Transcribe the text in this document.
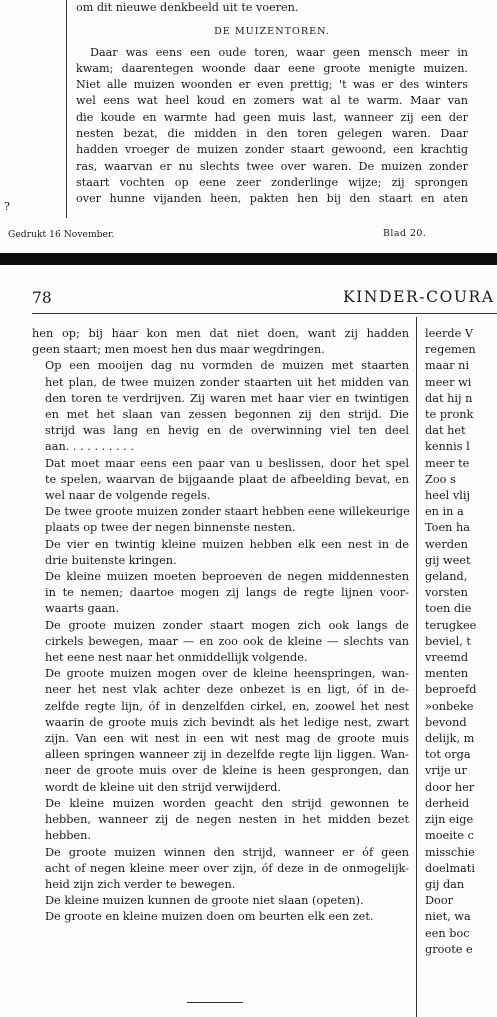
?

om dit nieuwe denkbeeld uit te voeren.

DE MUIZENTOREN.

Daar was eens een oude toren, waar geen mensch meer in

kwam; daarentegen woonde daar eene groote menigte muizen.

Niet alle muizen woonden er even prettig; 't was er des winters

wel eens wat heel koud en zomers wat al te warm. Maar van

die koude en warmte had geen muis last, wanneer zij een der

nesten bezat, die midden in den toren gelegen waren. Daar

hadden vroeger de muizen zonder staart gewoond, een krachtig

ras, waarvan er nu slechts twee over waren. De muizen zonder

staart vochten op eene zeer zonderlinge wijze; zij sprongen

over hunne vijanden heen, pakten hen bij den staart en aten

Gedrukt 16 November.	Blad 20.
78	KINDER-COURA

hen op; bij haar kon men dat niet doen, want zij hadden
geen staart; men moest hen dus maar wegdringen.

Op een mooijen dag nu vormden de muizen met staarten
het plan, de twee muizen zonder staarten uit het midden van
den toren te verdrijven. Zij waren met haar vier en twintigen
en met het slaan van zessen begonnen zij den strijd. Die
strijd was lang en hevig en de overwinning viel ten deel
aan. . . . . . . . . .

Dat moet maar eens een paar van u beslissen, door het spel
te spelen, waarvan de bijgaande plaat de afbeelding bevat, en
wel naar de volgende regels.

De twee groote muizen zonder staart hebben eene willekeurige
plaats op twee der negen binnenste nesten.

De vier en twintig kleine muizen hebben elk een nest in de
drie buitenste kringen.

De kleine muizen moeten beproeven de negen middennesten
in te nemen; daartoe mogen zij langs de regte lijnen voor-
waarts gaan.

De groote muizen zonder staart mogen zich ook langs de
cirkels bewegen, maar — en zoo ook de kleine — slechts van
het eene nest naar het onmiddellijk volgende.

De groote muizen mogen over de kleine heenspringen, wan-
neer het nest vlak achter deze onbezet is en ligt, óf in de-
zelfde regte lijn, óf in denzelfden cirkel, en, zoowel het nest
waarin de groote muis zich bevindt als het ledige nest, zwart
zijn. Van een wit nest in een wit nest mag de groote muis
alleen springen wanneer zij in dezelfde regte lijn liggen. Wan-
neer de groote muis over de kleine is heen gesprongen, dan
wordt de kleine uit den strijd verwijderd.

De kleine muizen worden geacht den strijd gewonnen te
hebben, wanneer zij de negen nesten in het midden bezet
hebben.

De groote muizen winnen den strijd, wanneer er óf geen
acht of negen kleine meer over zijn, óf deze in de onmogelijk-
heid zijn zich verder te bewegen.

De kleine muizen kunnen de groote niet slaan (opeten).

De groote en kleine muizen doen om beurten elk een zet.

leerde V
regemen
maar ni
meer wi
dat hij n
te pronk
dat het
kennis l
meer te
Zoo s
heel vlij
en in a
Toen ha
werden
gij weet
geland,
vorsten
toen die
terugkee
beviel, t
vreemd
menten
beproefd
»onbeke
bevond
delijk, m
tot orga
vrije ur
door her
derheid
zijn eige
moeite c
misschie
doelmati
gij dan
Door
niet, wa
een boc
groote e
